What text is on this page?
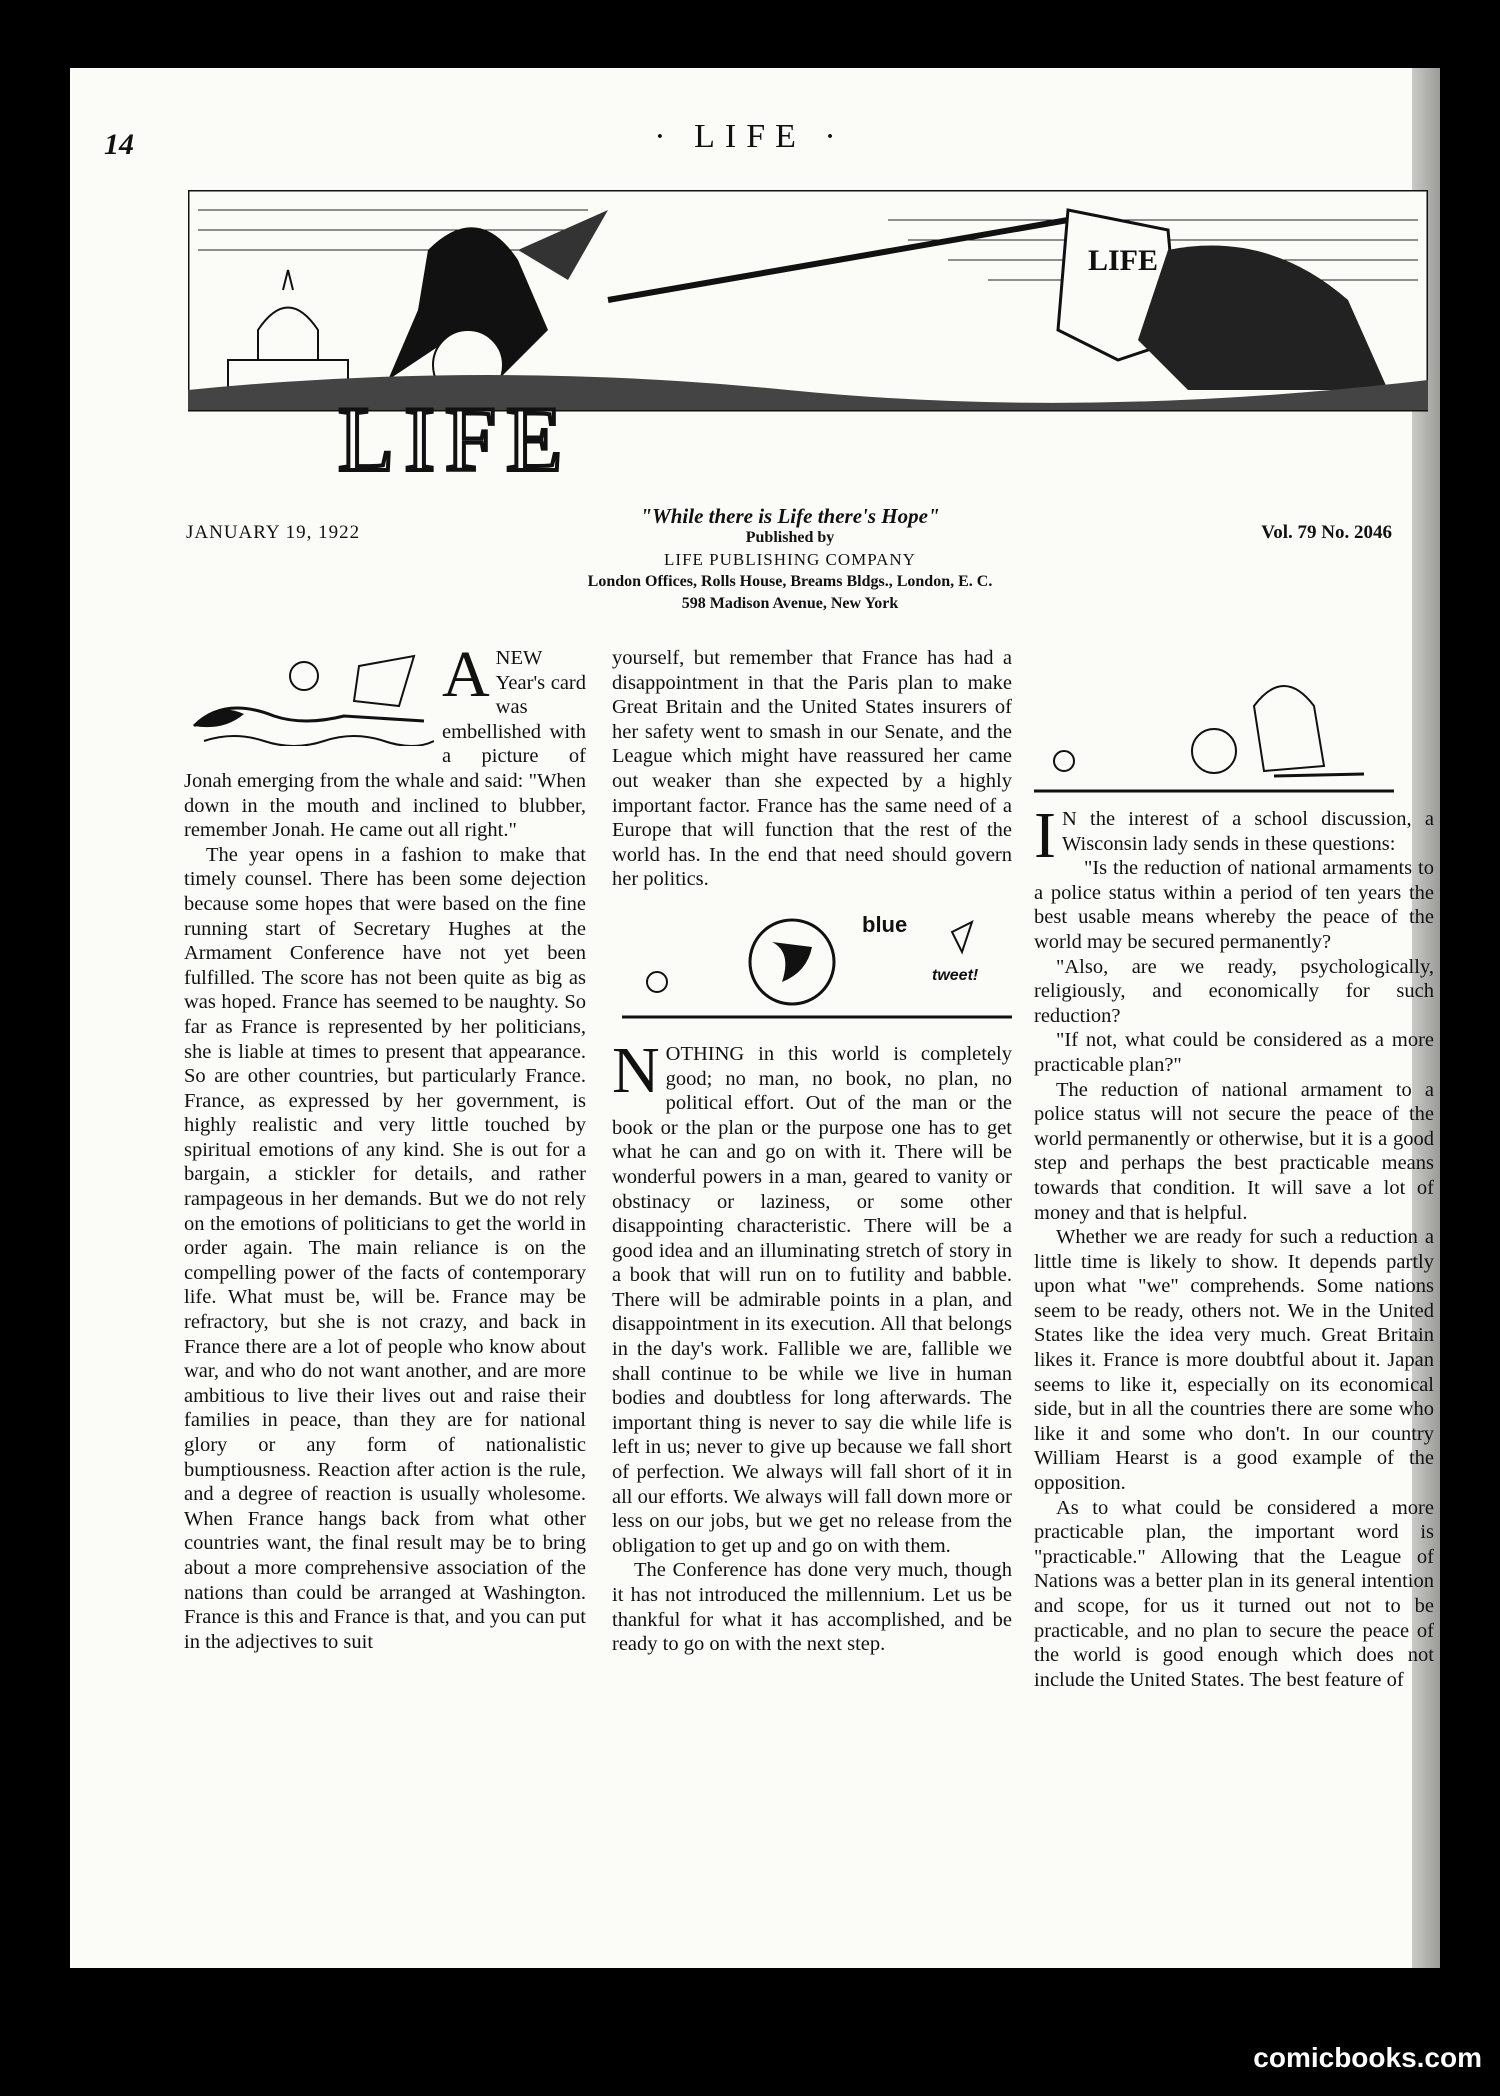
14	· LIFE ·
LIFE
LIFE
JANUARY 19, 1922
"While there is Life there's Hope"
Published by
LIFE PUBLISHING COMPANY
London Offices, Rolls House, Breams Bldgs., London, E. C.
598 Madison Avenue, New York
Vol. 79 No. 2046

ANEW Year's card was embellished with a picture of Jonah emerging from the whale and said: "When down in the mouth and inclined to blubber, remember Jonah. He came out all right."

The year opens in a fashion to make that timely counsel. There has been some dejection because some hopes that were based on the fine running start of Secretary Hughes at the Armament Conference have not yet been fulfilled. The score has not been quite as big as was hoped. France has seemed to be naughty. So far as France is represented by her politicians, she is liable at times to present that appearance. So are other countries, but particularly France. France, as expressed by her government, is highly realistic and very little touched by spiritual emotions of any kind. She is out for a bargain, a stickler for details, and rather rampageous in her demands. But we do not rely on the emotions of politicians to get the world in order again. The main reliance is on the compelling power of the facts of contemporary life. What must be, will be. France may be refractory, but she is not crazy, and back in France there are a lot of people who know about war, and who do not want another, and are more ambitious to live their lives out and raise their families in peace, than they are for national glory or any form of nationalistic bumptiousness. Reaction after action is the rule, and a degree of reaction is usually wholesome. When France hangs back from what other countries want, the final result may be to bring about a more comprehensive association of the nations than could be arranged at Washington. France is this and France is that, and you can put in the adjectives to suit

yourself, but remember that France has had a disappointment in that the Paris plan to make Great Britain and the United States insurers of her safety went to smash in our Senate, and the League which might have reassured her came out weaker than she expected by a highly important factor. France has the same need of a Europe that will function that the rest of the world has. In the end that need should govern her politics.

blue
tweet!

NOTHING in this world is completely good; no man, no book, no plan, no political effort. Out of the man or the book or the plan or the purpose one has to get what he can and go on with it. There will be wonderful powers in a man, geared to vanity or obstinacy or laziness, or some other disappointing characteristic. There will be a good idea and an illuminating stretch of story in a book that will run on to futility and babble. There will be admirable points in a plan, and disappointment in its execution. All that belongs in the day's work. Fallible we are, fallible we shall continue to be while we live in human bodies and doubtless for long afterwards. The important thing is never to say die while life is left in us; never to give up because we fall short of perfection. We always will fall short of it in all our efforts. We always will fall down more or less on our jobs, but we get no release from the obligation to get up and go on with them.

The Conference has done very much, though it has not introduced the millennium. Let us be thankful for what it has accomplished, and be ready to go on with the next step.

I N the interest of a school discussion, a Wisconsin lady sends in these questions:

"Is the reduction of national armaments to a police status within a period of ten years the best usable means whereby the peace of the world may be secured permanently?

"Also, are we ready, psychologically, religiously, and economically for such reduction?

"If not, what could be considered as a more practicable plan?"

The reduction of national armament to a police status will not secure the peace of the world permanently or otherwise, but it is a good step and perhaps the best practicable means towards that condition. It will save a lot of money and that is helpful.

Whether we are ready for such a reduction a little time is likely to show. It depends partly upon what "we" comprehends. Some nations seem to be ready, others not. We in the United States like the idea very much. Great Britain likes it. France is more doubtful about it. Japan seems to like it, especially on its economical side, but in all the countries there are some who like it and some who don't. In our country William Hearst is a good example of the opposition.

As to what could be considered a more practicable plan, the important word is "practicable." Allowing that the League of Nations was a better plan in its general intention and scope, for us it turned out not to be practicable, and no plan to secure the peace of the world is good enough which does not include the United States. The best feature of

comicbooks.com
